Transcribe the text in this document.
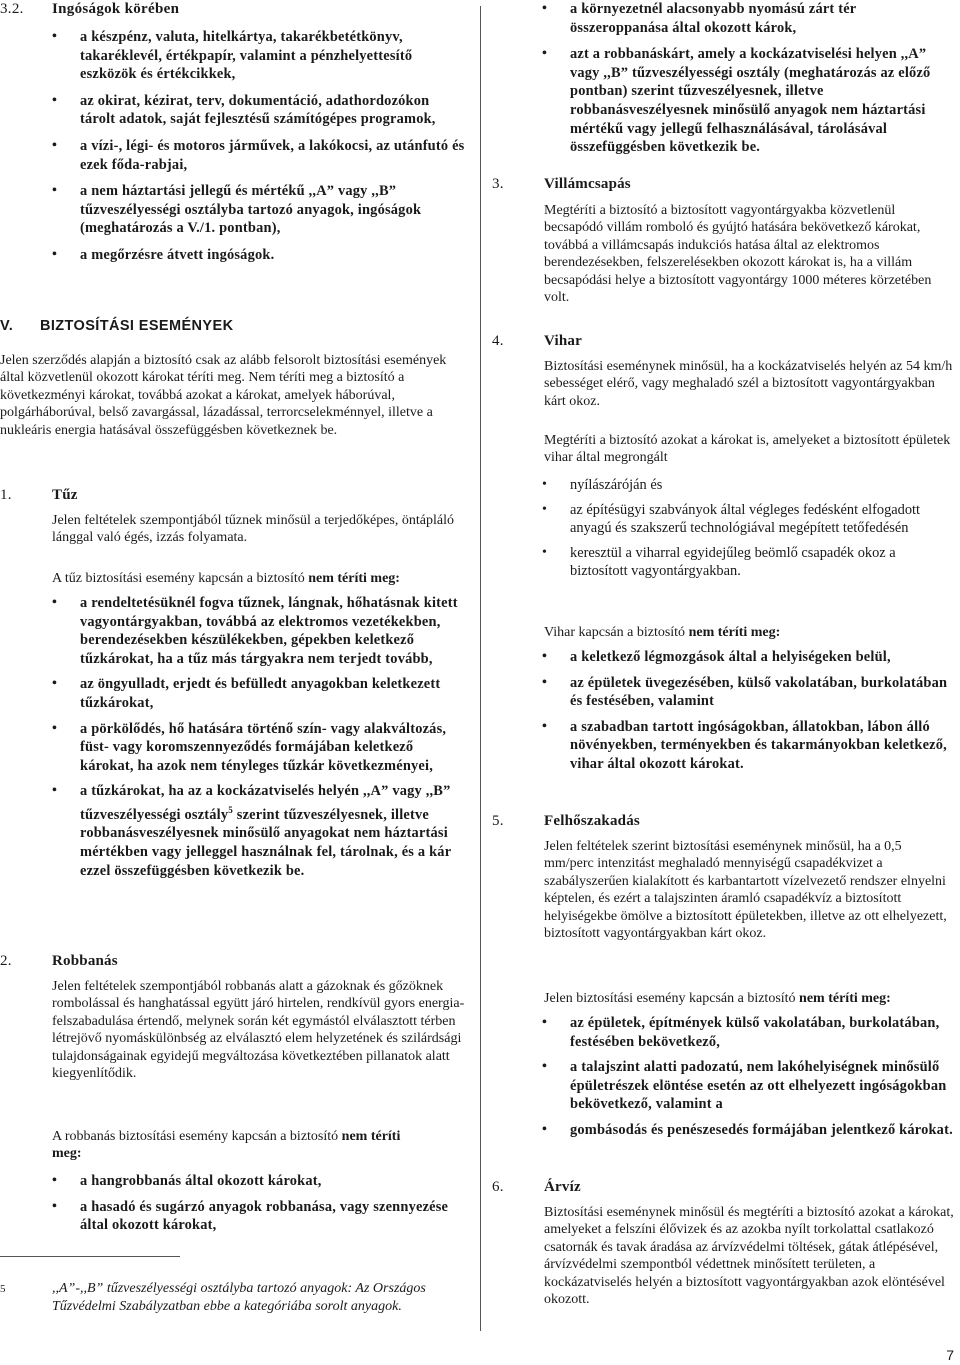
3.2.	Ingóságok körében
• a készpénz, valuta, hitelkártya, takarékbetétkönyv, takaréklevél, értékpapír, valamint a pénzhelyettesítő eszközök és értékcikkek,
• az okirat, kézirat, terv, dokumentáció, adathordozókon tárolt adatok, saját fejlesztésű számítógépes programok,
• a vízi-, légi- és motoros járművek, a lakókocsi, az utánfutó és ezek főda-rabjai,
• a nem háztartási jellegű és mértékű ,,A” vagy ,,B” tűzveszélyességi osztályba tartozó anyagok, ingóságok (meghatározás a V./1. pontban),
• a megőrzésre átvett ingóságok.
V.	BIZTOSÍTÁSI ESEMÉNYEK

Jelen szerződés alapján a biztosító csak az alább felsorolt biztosítási események által közvetlenül okozott károkat téríti meg. Nem téríti meg a biztosító a következményi károkat, továbbá azokat a károkat, amelyek háborúval, polgárháborúval, belső zavargással, lázadással, terrorcselekménnyel, illetve a nukleáris energia hatásával összefüggésben következnek be.

1.	Tűz

Jelen feltételek szempontjából tűznek minősül a terjedőképes, öntápláló lánggal való égés, izzás folyamata.

A tűz biztosítási esemény kapcsán a biztosító nem téríti meg:

• a rendeltetésüknél fogva tűznek, lángnak, hőhatásnak kitett vagyontárgyakban, továbbá az elektromos vezetékekben, berendezésekben készülékekben, gépekben keletkező tűzkárokat, ha a tűz más tárgyakra nem terjedt tovább,
• az öngyulladt, erjedt és befülledt anyagokban keletkezett tűzkárokat,
• a pörkölődés, hő hatására történő szín- vagy alakváltozás, füst- vagy koromszennyeződés formájában keletkező károkat, ha azok nem tényleges tűzkár következményei,
• a tűzkárokat, ha az a kockázatviselés helyén ,,A” vagy ,,B” tűzveszélyességi osztály$^5$ szerint tűzveszélyesnek, illetve robbanásveszélyesnek minősülő anyagokat nem háztartási mértékben vagy jelleggel használnak fel, tárolnak, és a kár ezzel összefüggésben következik be.
2.	Robbanás

Jelen feltételek szempontjából robbanás alatt a gázoknak és gőzöknek rombolással és hanghatással együtt járó hirtelen, rendkívül gyors energia-felszabadulása értendő, melynek során két egymástól elválasztott térben létrejövő nyomáskülönbség az elválasztó elem helyzetének és szilárdsági tulajdonságainak egyidejű megváltozása következtében pillanatok alatt kiegyenlítődik.

A robbanás biztosítási esemény kapcsán a biztosító nem téríti meg:

• a hangrobbanás által okozott károkat,
• a hasadó és sugárzó anyagok robbanása, vagy szennyezése által okozott károkat,
5	,,A”-,,B” tűzveszélyességi osztályba tartozó anyagok: Az Országos Tűzvédelmi Szabályzatban ebbe a kategóriába sorolt anyagok.
• a környezetnél alacsonyabb nyomású zárt tér összeroppanása által okozott károk,
• azt a robbanáskárt, amely a kockázatviselési helyen ,,A” vagy ,,B” tűzveszélyességi osztály (meghatározás az előző pontban) szerint tűzveszélyesnek, illetve robbanásveszélyesnek minősülő anyagok nem háztartási mértékű vagy jellegű felhasználásával, tárolásával összefüggésben következik be.
3.	Villámcsapás

Megtéríti a biztosító a biztosított vagyontárgyakba közvetlenül becsapódó villám romboló és gyújtó hatására bekövetkező károkat, továbbá a villámcsapás indukciós hatása által az elektromos berendezésekben, felszerelésekben okozott károkat is, ha a villám becsapódási helye a biztosított vagyontárgy 1000 méteres körzetében volt.

4.	Vihar

Biztosítási eseménynek minősül, ha a kockázatviselés helyén az 54 km/h sebességet elérő, vagy meghaladó szél a biztosított vagyontárgyakban kárt okoz.

Megtéríti a biztosító azokat a károkat is, amelyeket a biztosított épületek vihar által megrongált

• nyílászáróján és
• az építésügyi szabványok által végleges fedésként elfogadott anyagú és szakszerű technológiával megépített tetőfedésén
• keresztül a viharral egyidejűleg beömlő csapadék okoz a biztosított vagyontárgyakban.

Vihar kapcsán a biztosító nem téríti meg:

• a keletkező légmozgások által a helyiségeken belül,
• az épületek üvegezésében, külső vakolatában, burkolatában és festésében, valamint
• a szabadban tartott ingóságokban, állatokban, lábon álló növényekben, terményekben és takarmányokban keletkező, vihar által okozott károkat.
5.	Felhőszakadás

Jelen feltételek szerint biztosítási eseménynek minősül, ha a 0,5 mm/perc intenzitást meghaladó mennyiségű csapadékvizet a szabályszerűen kialakított és karbantartott vízelvezető rendszer elnyelni képtelen, és ezért a talajszinten áramló csapadékvíz a biztosított helyiségekbe ömölve a biztosított épületekben, illetve az ott elhelyezett, biztosított vagyontárgyakban kárt okoz.

Jelen biztosítási esemény kapcsán a biztosító nem téríti meg:

• az épületek, építmények külső vakolatában, burkolatában, festésében bekövetkező,
• a talajszint alatti padozatú, nem lakóhelyiségnek minősülő épületrészek elöntése esetén az ott elhelyezett ingóságokban bekövetkező, valamint a
• gombásodás és penészesedés formájában jelentkező károkat.
6.	Árvíz

Biztosítási eseménynek minősül és megtéríti a biztosító azokat a károkat, amelyeket a felszíni élővizek és az azokba nyílt torkolattal csatlakozó csatornák és tavak áradása az árvízvédelmi töltések, gátak átlépésével, árvízvédelmi szempontból védettnek minősített területen, a kockázatviselés helyén a biztosított vagyontárgyakban azok elöntésével okozott.

7
